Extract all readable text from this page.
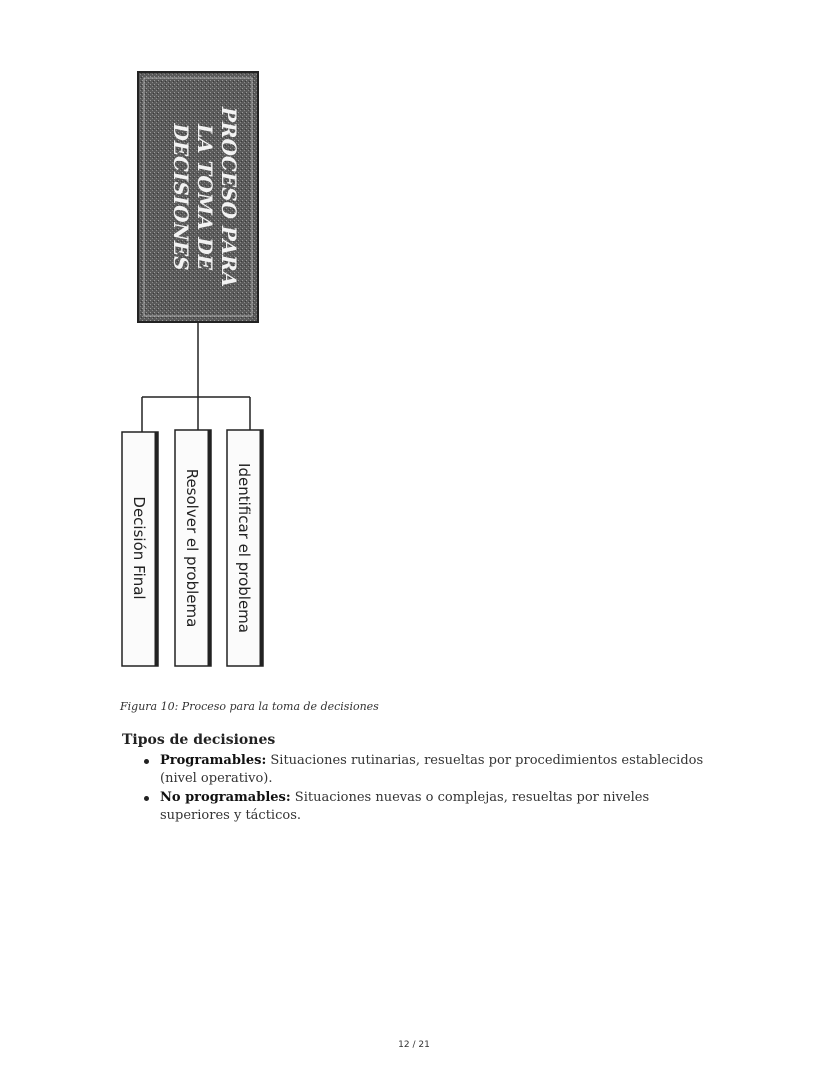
PROCESO PARA
LA TOMA DE
DECISIONES
Decisión Final Resolver el problema Identificar el problema
Figura 10: Proceso para la toma de decisiones
Tipos de decisiones
Programables: Situaciones rutinarias, resueltas por procedimientos establecidos (nivel operativo).
No programables: Situaciones nuevas o complejas, resueltas por niveles superiores y tácticos.
12 / 21
